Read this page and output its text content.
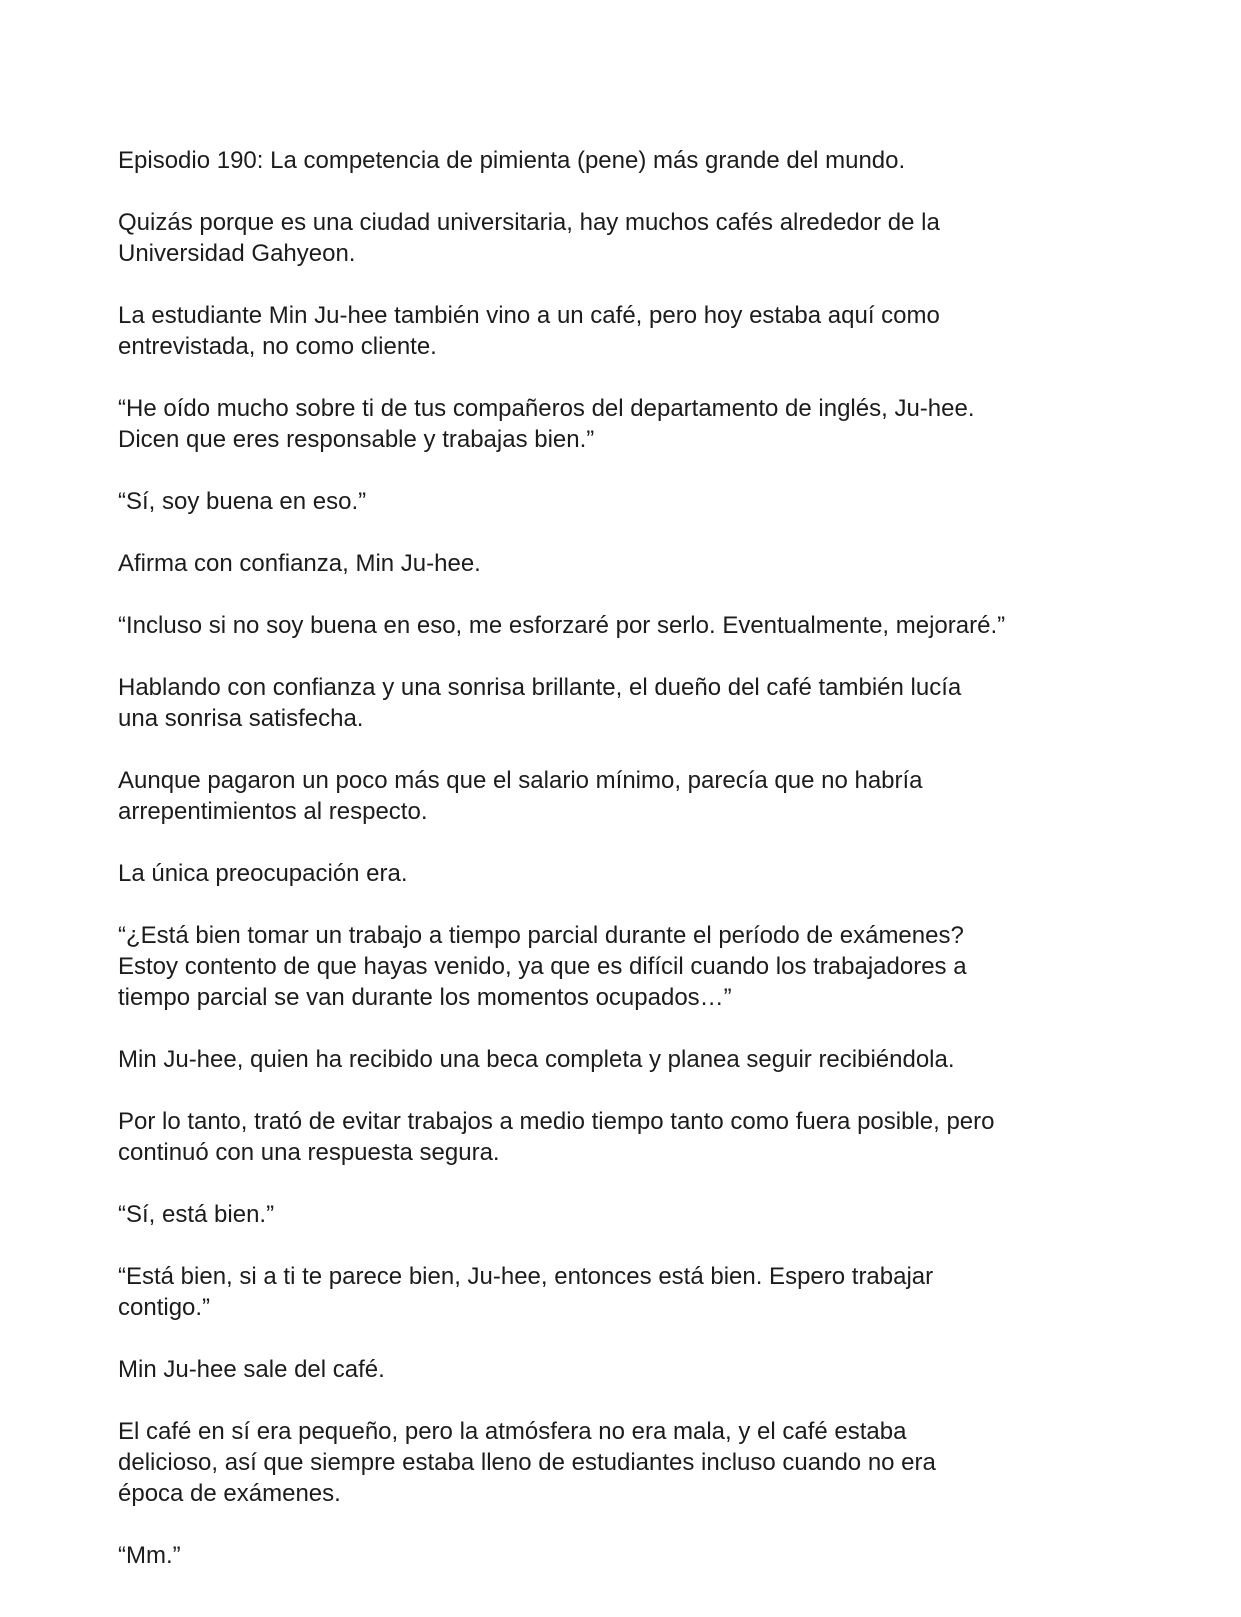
Episodio 190: La competencia de pimienta (pene) más grande del mundo.

Quizás porque es una ciudad universitaria, hay muchos cafés alrededor de la
Universidad Gahyeon.

La estudiante Min Ju-hee también vino a un café, pero hoy estaba aquí como
entrevistada, no como cliente.

“He oído mucho sobre ti de tus compañeros del departamento de inglés, Ju-hee.
Dicen que eres responsable y trabajas bien.”

“Sí, soy buena en eso.”

Afirma con confianza, Min Ju-hee.

“Incluso si no soy buena en eso, me esforzaré por serlo. Eventualmente, mejoraré.”

Hablando con confianza y una sonrisa brillante, el dueño del café también lucía
una sonrisa satisfecha.

Aunque pagaron un poco más que el salario mínimo, parecía que no habría
arrepentimientos al respecto.

La única preocupación era.

“¿Está bien tomar un trabajo a tiempo parcial durante el período de exámenes?
Estoy contento de que hayas venido, ya que es difícil cuando los trabajadores a
tiempo parcial se van durante los momentos ocupados…”

Min Ju-hee, quien ha recibido una beca completa y planea seguir recibiéndola.

Por lo tanto, trató de evitar trabajos a medio tiempo tanto como fuera posible, pero
continuó con una respuesta segura.

“Sí, está bien.”

“Está bien, si a ti te parece bien, Ju-hee, entonces está bien. Espero trabajar
contigo.”

Min Ju-hee sale del café.

El café en sí era pequeño, pero la atmósfera no era mala, y el café estaba
delicioso, así que siempre estaba lleno de estudiantes incluso cuando no era
época de exámenes.

“Mm.”
